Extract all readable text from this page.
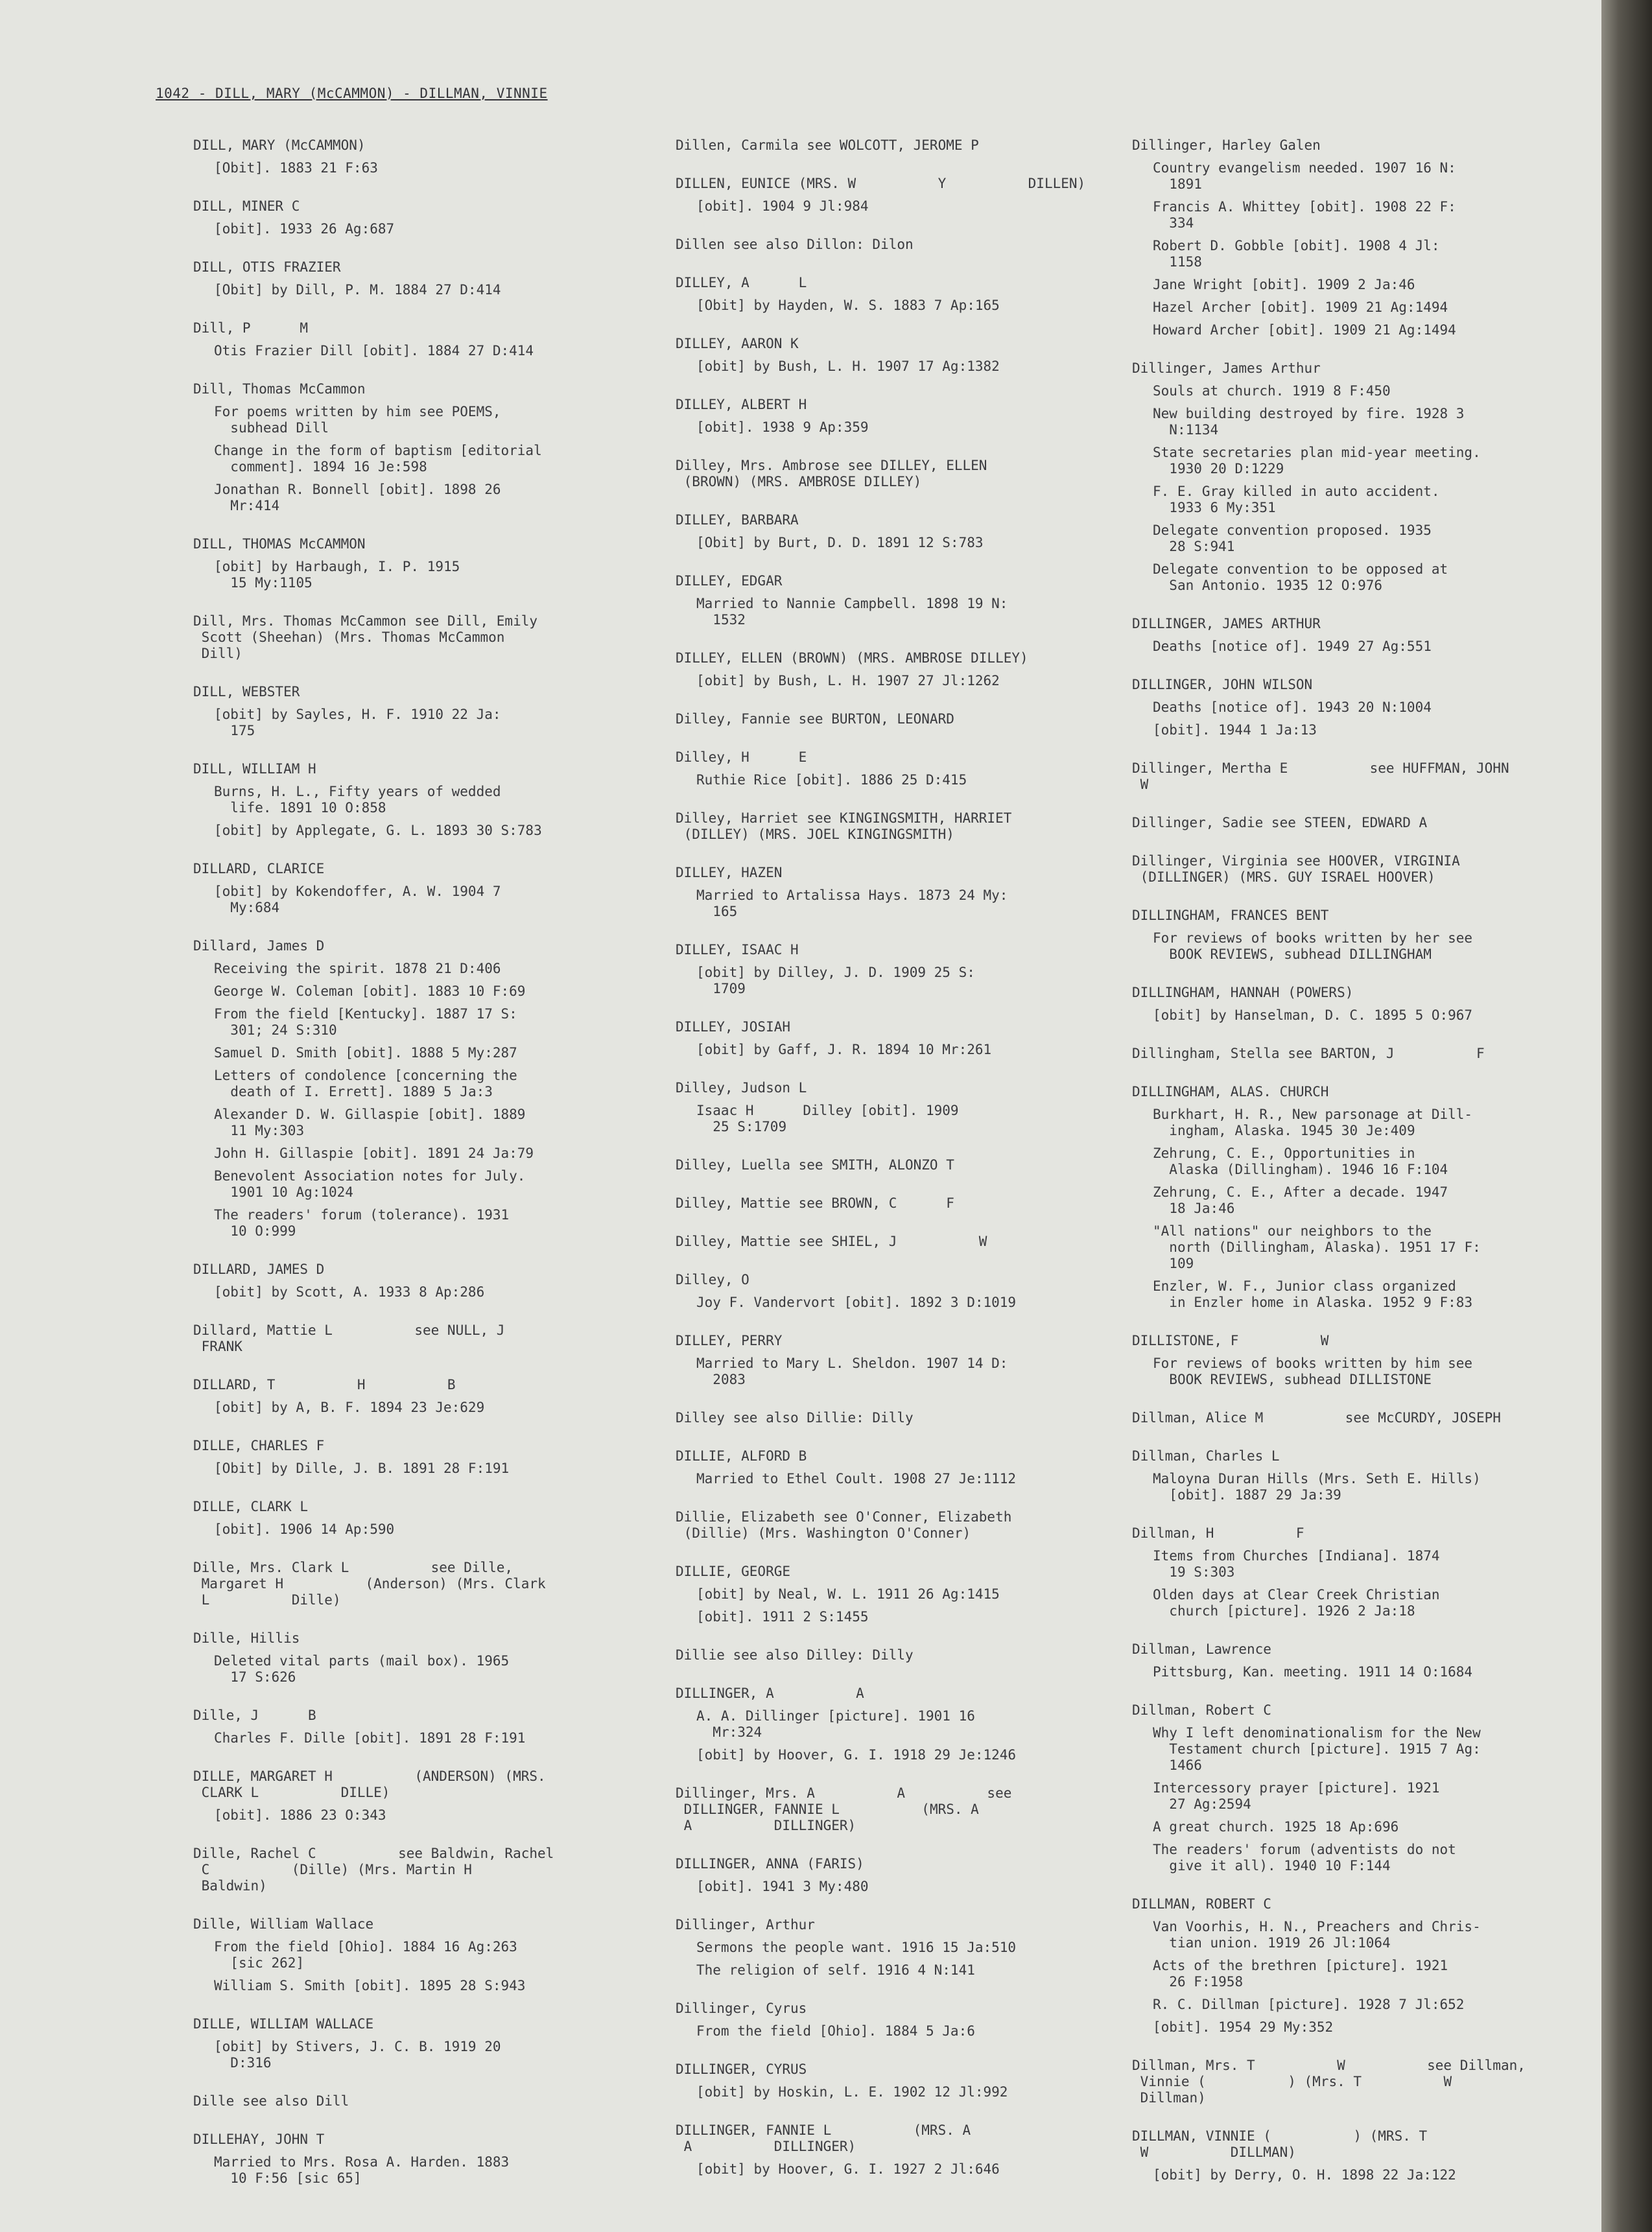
1042 - DILL, MARY (McCAMMON) - DILLMAN, VINNIE
DILL, MARY (McCAMMON)
[Obit]. 1883 21 F:63
DILL, MINER C
[obit]. 1933 26 Ag:687
DILL, OTIS FRAZIER
[Obit] by Dill, P. M. 1884 27 D:414
Dill, P      M
Otis Frazier Dill [obit]. 1884 27 D:414
Dill, Thomas McCammon
For poems written by him see POEMS,
subhead Dill
Change in the form of baptism [editorial
comment]. 1894 16 Je:598
Jonathan R. Bonnell [obit]. 1898 26
Mr:414
DILL, THOMAS McCAMMON
[obit] by Harbaugh, I. P. 1915
15 My:1105
Dill, Mrs. Thomas McCammon see Dill, Emily
Scott (Sheehan) (Mrs. Thomas McCammon
Dill)
DILL, WEBSTER
[obit] by Sayles, H. F. 1910 22 Ja:
175
DILL, WILLIAM H
Burns, H. L., Fifty years of wedded
life. 1891 10 O:858
[obit] by Applegate, G. L. 1893 30 S:783
DILLARD, CLARICE
[obit] by Kokendoffer, A. W. 1904 7
My:684
Dillard, James D
Receiving the spirit. 1878 21 D:406
George W. Coleman [obit]. 1883 10 F:69
From the field [Kentucky]. 1887 17 S:
301; 24 S:310
Samuel D. Smith [obit]. 1888 5 My:287
Letters of condolence [concerning the
death of I. Errett]. 1889 5 Ja:3
Alexander D. W. Gillaspie [obit]. 1889
11 My:303
John H. Gillaspie [obit]. 1891 24 Ja:79
Benevolent Association notes for July.
1901 10 Ag:1024
The readers' forum (tolerance). 1931
10 O:999
DILLARD, JAMES D
[obit] by Scott, A. 1933 8 Ap:286
Dillard, Mattie L          see NULL, J
FRANK
DILLARD, T          H          B
[obit] by A, B. F. 1894 23 Je:629
DILLE, CHARLES F
[Obit] by Dille, J. B. 1891 28 F:191
DILLE, CLARK L
[obit]. 1906 14 Ap:590
Dille, Mrs. Clark L          see Dille,
Margaret H          (Anderson) (Mrs. Clark
L          Dille)
Dille, Hillis
Deleted vital parts (mail box). 1965
17 S:626
Dille, J      B
Charles F. Dille [obit]. 1891 28 F:191
DILLE, MARGARET H          (ANDERSON) (MRS.
CLARK L          DILLE)
[obit]. 1886 23 O:343
Dille, Rachel C          see Baldwin, Rachel
C          (Dille) (Mrs. Martin H
Baldwin)
Dille, William Wallace
From the field [Ohio]. 1884 16 Ag:263
[sic 262]
William S. Smith [obit]. 1895 28 S:943
DILLE, WILLIAM WALLACE
[obit] by Stivers, J. C. B. 1919 20
D:316
Dille see also Dill
DILLEHAY, JOHN T
Married to Mrs. Rosa A. Harden. 1883
10 F:56 [sic 65]
Dillen, Carmila see WOLCOTT, JEROME P
DILLEN, EUNICE (MRS. W          Y          DILLEN)
[obit]. 1904 9 Jl:984
Dillen see also Dillon: Dilon
DILLEY, A      L
[Obit] by Hayden, W. S. 1883 7 Ap:165
DILLEY, AARON K
[obit] by Bush, L. H. 1907 17 Ag:1382
DILLEY, ALBERT H
[obit]. 1938 9 Ap:359
Dilley, Mrs. Ambrose see DILLEY, ELLEN
(BROWN) (MRS. AMBROSE DILLEY)
DILLEY, BARBARA
[Obit] by Burt, D. D. 1891 12 S:783
DILLEY, EDGAR
Married to Nannie Campbell. 1898 19 N:
1532
DILLEY, ELLEN (BROWN) (MRS. AMBROSE DILLEY)
[obit] by Bush, L. H. 1907 27 Jl:1262
Dilley, Fannie see BURTON, LEONARD
Dilley, H      E
Ruthie Rice [obit]. 1886 25 D:415
Dilley, Harriet see KINGINGSMITH, HARRIET
(DILLEY) (MRS. JOEL KINGINGSMITH)
DILLEY, HAZEN
Married to Artalissa Hays. 1873 24 My:
165
DILLEY, ISAAC H
[obit] by Dilley, J. D. 1909 25 S:
1709
DILLEY, JOSIAH
[obit] by Gaff, J. R. 1894 10 Mr:261
Dilley, Judson L
Isaac H      Dilley [obit]. 1909
25 S:1709
Dilley, Luella see SMITH, ALONZO T
Dilley, Mattie see BROWN, C      F
Dilley, Mattie see SHIEL, J          W
Dilley, O
Joy F. Vandervort [obit]. 1892 3 D:1019
DILLEY, PERRY
Married to Mary L. Sheldon. 1907 14 D:
2083
Dilley see also Dillie: Dilly
DILLIE, ALFORD B
Married to Ethel Coult. 1908 27 Je:1112
Dillie, Elizabeth see O'Conner, Elizabeth
(Dillie) (Mrs. Washington O'Conner)
DILLIE, GEORGE
[obit] by Neal, W. L. 1911 26 Ag:1415
[obit]. 1911 2 S:1455
Dillie see also Dilley: Dilly
DILLINGER, A          A
A. A. Dillinger [picture]. 1901 16
Mr:324
[obit] by Hoover, G. I. 1918 29 Je:1246
Dillinger, Mrs. A          A          see
DILLINGER, FANNIE L          (MRS. A
A          DILLINGER)
DILLINGER, ANNA (FARIS)
[obit]. 1941 3 My:480
Dillinger, Arthur
Sermons the people want. 1916 15 Ja:510
The religion of self. 1916 4 N:141
Dillinger, Cyrus
From the field [Ohio]. 1884 5 Ja:6
DILLINGER, CYRUS
[obit] by Hoskin, L. E. 1902 12 Jl:992
DILLINGER, FANNIE L          (MRS. A
A          DILLINGER)
[obit] by Hoover, G. I. 1927 2 Jl:646
Dillinger, Harley Galen
Country evangelism needed. 1907 16 N:
1891
Francis A. Whittey [obit]. 1908 22 F:
334
Robert D. Gobble [obit]. 1908 4 Jl:
1158
Jane Wright [obit]. 1909 2 Ja:46
Hazel Archer [obit]. 1909 21 Ag:1494
Howard Archer [obit]. 1909 21 Ag:1494
Dillinger, James Arthur
Souls at church. 1919 8 F:450
New building destroyed by fire. 1928 3
N:1134
State secretaries plan mid-year meeting.
1930 20 D:1229
F. E. Gray killed in auto accident.
1933 6 My:351
Delegate convention proposed. 1935
28 S:941
Delegate convention to be opposed at
San Antonio. 1935 12 O:976
DILLINGER, JAMES ARTHUR
Deaths [notice of]. 1949 27 Ag:551
DILLINGER, JOHN WILSON
Deaths [notice of]. 1943 20 N:1004
[obit]. 1944 1 Ja:13
Dillinger, Mertha E          see HUFFMAN, JOHN
W
Dillinger, Sadie see STEEN, EDWARD A
Dillinger, Virginia see HOOVER, VIRGINIA
(DILLINGER) (MRS. GUY ISRAEL HOOVER)
DILLINGHAM, FRANCES BENT
For reviews of books written by her see
BOOK REVIEWS, subhead DILLINGHAM
DILLINGHAM, HANNAH (POWERS)
[obit] by Hanselman, D. C. 1895 5 O:967
Dillingham, Stella see BARTON, J          F
DILLINGHAM, ALAS. CHURCH
Burkhart, H. R., New parsonage at Dill-
ingham, Alaska. 1945 30 Je:409
Zehrung, C. E., Opportunities in
Alaska (Dillingham). 1946 16 F:104
Zehrung, C. E., After a decade. 1947
18 Ja:46
"All nations" our neighbors to the
north (Dillingham, Alaska). 1951 17 F:
109
Enzler, W. F., Junior class organized
in Enzler home in Alaska. 1952 9 F:83
DILLISTONE, F          W
For reviews of books written by him see
BOOK REVIEWS, subhead DILLISTONE
Dillman, Alice M          see McCURDY, JOSEPH
Dillman, Charles L
Maloyna Duran Hills (Mrs. Seth E. Hills)
[obit]. 1887 29 Ja:39
Dillman, H          F
Items from Churches [Indiana]. 1874
19 S:303
Olden days at Clear Creek Christian
church [picture]. 1926 2 Ja:18
Dillman, Lawrence
Pittsburg, Kan. meeting. 1911 14 O:1684
Dillman, Robert C
Why I left denominationalism for the New
Testament church [picture]. 1915 7 Ag:
1466
Intercessory prayer [picture]. 1921
27 Ag:2594
A great church. 1925 18 Ap:696
The readers' forum (adventists do not
give it all). 1940 10 F:144
DILLMAN, ROBERT C
Van Voorhis, H. N., Preachers and Chris-
tian union. 1919 26 Jl:1064
Acts of the brethren [picture]. 1921
26 F:1958
R. C. Dillman [picture]. 1928 7 Jl:652
[obit]. 1954 29 My:352
Dillman, Mrs. T          W          see Dillman,
Vinnie (          ) (Mrs. T          W
Dillman)
DILLMAN, VINNIE (          ) (MRS. T
W          DILLMAN)
[obit] by Derry, O. H. 1898 22 Ja:122
